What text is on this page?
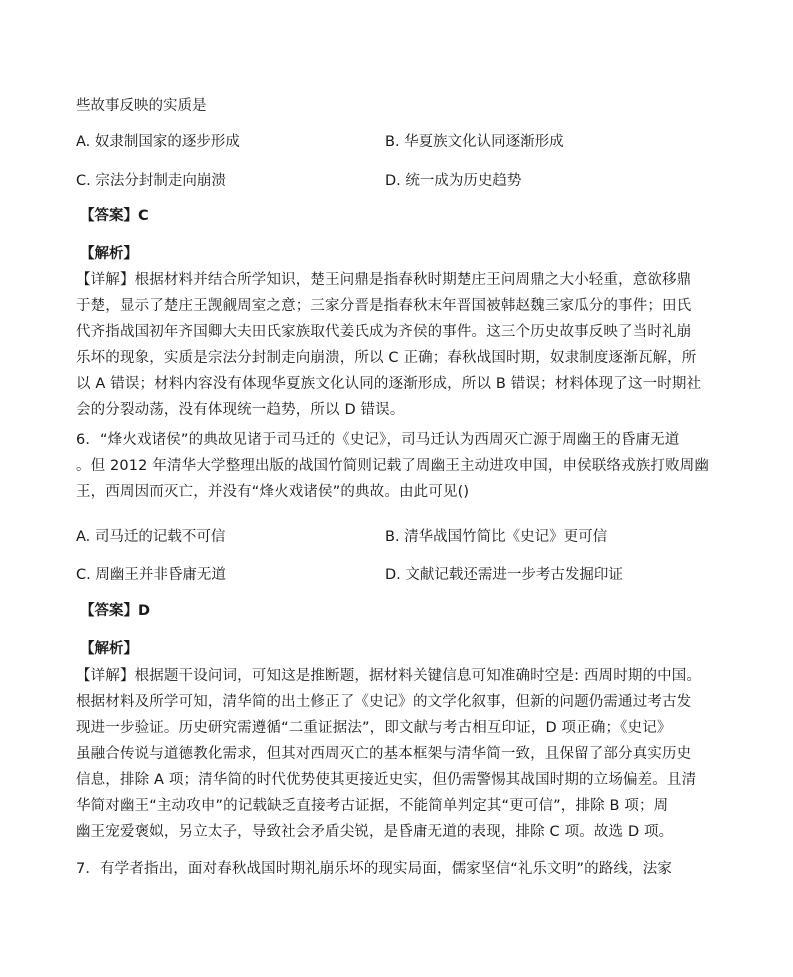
些故事反映的实质是
A. 奴隶制国家的逐步形成	B. 华夏族文化认同逐渐形成
C. 宗法分封制走向崩溃	D. 统一成为历史趋势
【答案】C
【解析】
【详解】根据材料并结合所学知识，楚王问鼎是指春秋时期楚庄王问周鼎之大小轻重，意欲移鼎
于楚，显示了楚庄王觊觎周室之意；三家分晋是指春秋末年晋国被韩赵魏三家瓜分的事件；田氏
代齐指战国初年齐国卿大夫田氏家族取代姜氏成为齐侯的事件。这三个历史故事反映了当时礼崩
乐坏的现象，实质是宗法分封制走向崩溃，所以 C 正确；春秋战国时期，奴隶制度逐渐瓦解，所
以 A 错误；材料内容没有体现华夏族文化认同的逐渐形成，所以 B 错误；材料体现了这一时期社
会的分裂动荡，没有体现统一趋势，所以 D 错误。
6．“烽火戏诸侯”的典故见诸于司马迁的《史记》，司马迁认为西周灭亡源于周幽王的昏庸无道
。但 2012 年清华大学整理出版的战国竹简则记载了周幽王主动进攻申国，申侯联络戎族打败周幽
王，西周因而灭亡，并没有“烽火戏诸侯”的典故。由此可见()
A. 司马迁的记载不可信	B. 清华战国竹简比《史记》更可信
C. 周幽王并非昏庸无道	D. 文献记载还需进一步考古发掘印证
【答案】D
【解析】
【详解】根据题干设问词，可知这是推断题，据材料关键信息可知准确时空是: 西周时期的中国。
根据材料及所学可知，清华简的出土修正了《史记》的文学化叙事，但新的问题仍需通过考古发
现进一步验证。历史研究需遵循“二重证据法”，即文献与考古相互印证，D 项正确；《史记》
虽融合传说与道德教化需求，但其对西周灭亡的基本框架与清华简一致，且保留了部分真实历史
信息，排除 A 项；清华简的时代优势使其更接近史实，但仍需警惕其战国时期的立场偏差。且清
华简对幽王“主动攻申”的记载缺乏直接考古证据，不能简单判定其“更可信”，排除 B 项；周
幽王宠爱褒姒，另立太子，导致社会矛盾尖锐，是昏庸无道的表现，排除 C 项。故选 D 项。
7．有学者指出，面对春秋战国时期礼崩乐坏的现实局面，儒家坚信“礼乐文明”的路线，法家
